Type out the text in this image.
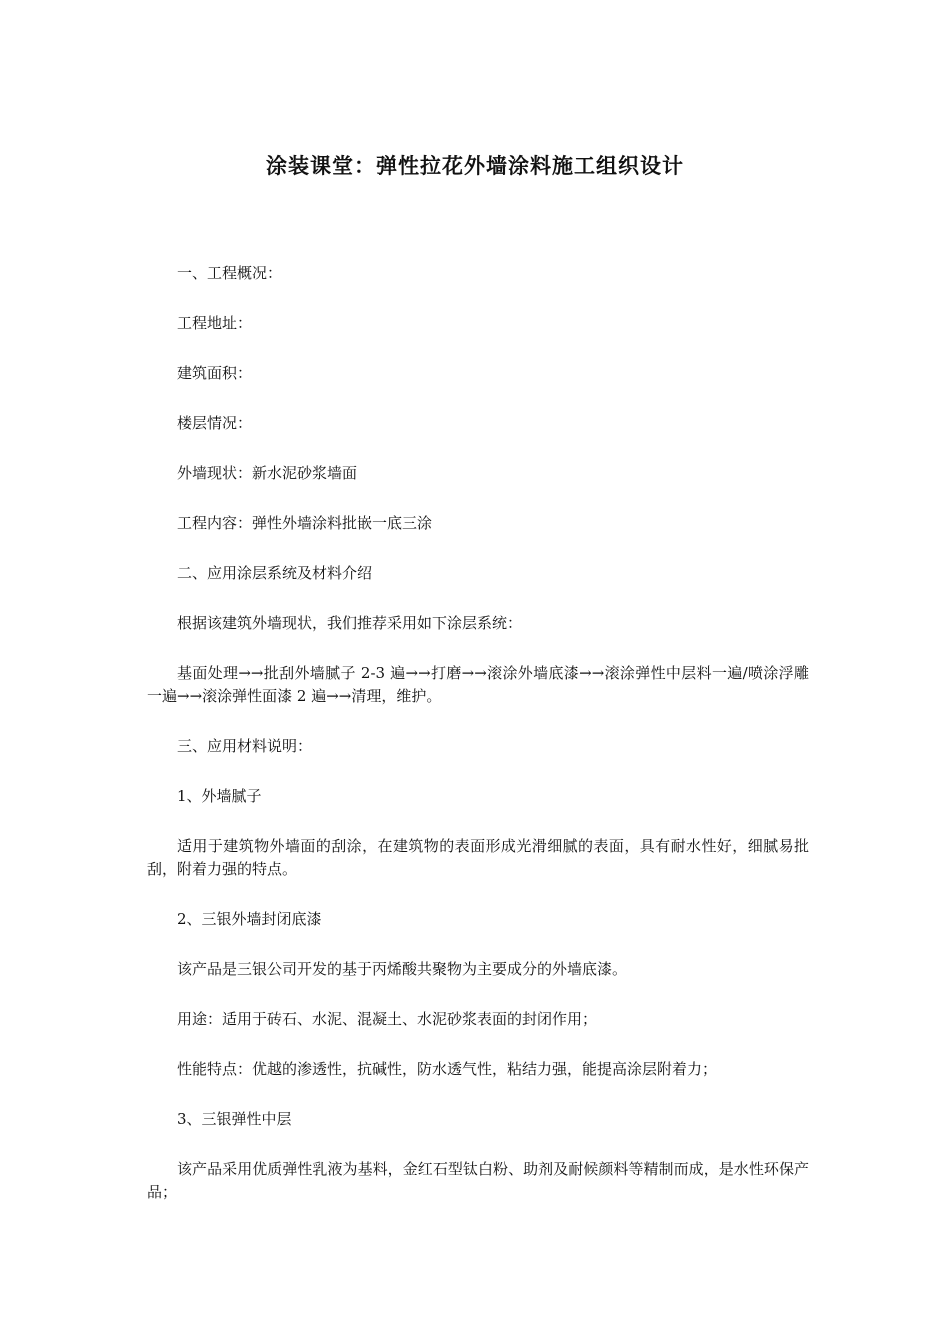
涂装课堂：弹性拉花外墙涂料施工组织设计

一、工程概况：

工程地址：

建筑面积：

楼层情况：

外墙现状：新水泥砂浆墙面

工程内容：弹性外墙涂料批嵌一底三涂

二、应用涂层系统及材料介绍

根据该建筑外墙现状，我们推荐采用如下涂层系统：

基面处理→→批刮外墙腻子 2-3 遍→→打磨→→滚涂外墙底漆→→滚涂弹性中层料一遍/喷涂浮雕一遍→→滚涂弹性面漆 2 遍→→清理，维护。

三、应用材料说明：

1、外墙腻子

适用于建筑物外墙面的刮涂，在建筑物的表面形成光滑细腻的表面，具有耐水性好，细腻易批刮，附着力强的特点。

2、三银外墙封闭底漆

该产品是三银公司开发的基于丙烯酸共聚物为主要成分的外墙底漆。

用途：适用于砖石、水泥、混凝土、水泥砂浆表面的封闭作用；

性能特点：优越的渗透性，抗碱性，防水透气性，粘结力强，能提高涂层附着力；

3、三银弹性中层

该产品采用优质弹性乳液为基料，金红石型钛白粉、助剂及耐候颜料等精制而成，是水性环保产品；
